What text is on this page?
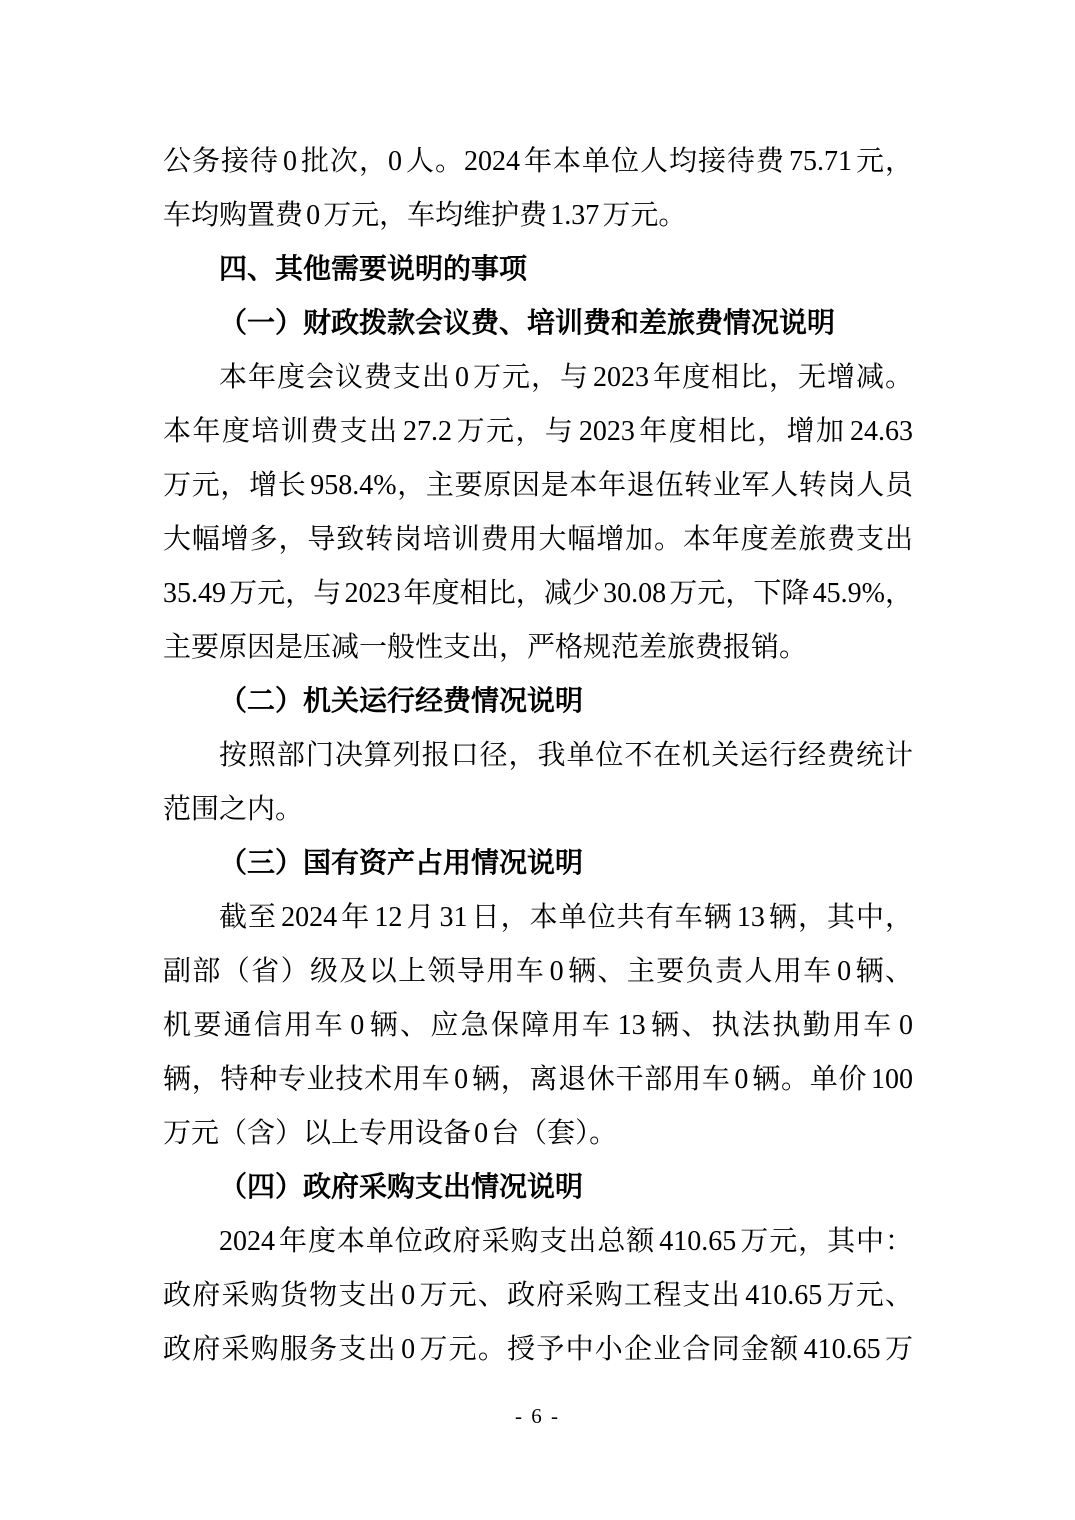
公务接待 0 批次，0 人。2024 年本单位人均接待费 75.71 元，
车均购置费 0 万元，车均维护费 1.37 万元。
四、其他需要说明的事项
（一）财政拨款会议费、培训费和差旅费情况说明
本年度会议费支出 0 万元，与 2023 年度相比，无增减。
本年度培训费支出 27.2 万元，与 2023 年度相比，增加 24.63
万元，增长 958.4%，主要原因是本年退伍转业军人转岗人员
大幅增多，导致转岗培训费用大幅增加。本年度差旅费支出
35.49 万元，与 2023 年度相比，减少 30.08 万元，下降 45.9%，
主要原因是压减一般性支出，严格规范差旅费报销。
（二）机关运行经费情况说明
按照部门决算列报口径，我单位不在机关运行经费统计
范围之内。
（三）国有资产占用情况说明
截至 2024 年 12 月 31 日，本单位共有车辆 13 辆，其中，
副部（省）级及以上领导用车 0 辆、主要负责人用车 0 辆、
机要通信用车 0 辆、应急保障用车 13 辆、执法执勤用车 0
辆，特种专业技术用车 0 辆，离退休干部用车 0 辆。单价 100
万元（含）以上专用设备 0 台（套）。
（四）政府采购支出情况说明
2024 年度本单位政府采购支出总额 410.65 万元，其中：
政府采购货物支出 0 万元、政府采购工程支出 410.65 万元、
政府采购服务支出 0 万元。授予中小企业合同金额 410.65 万
- 6 -
